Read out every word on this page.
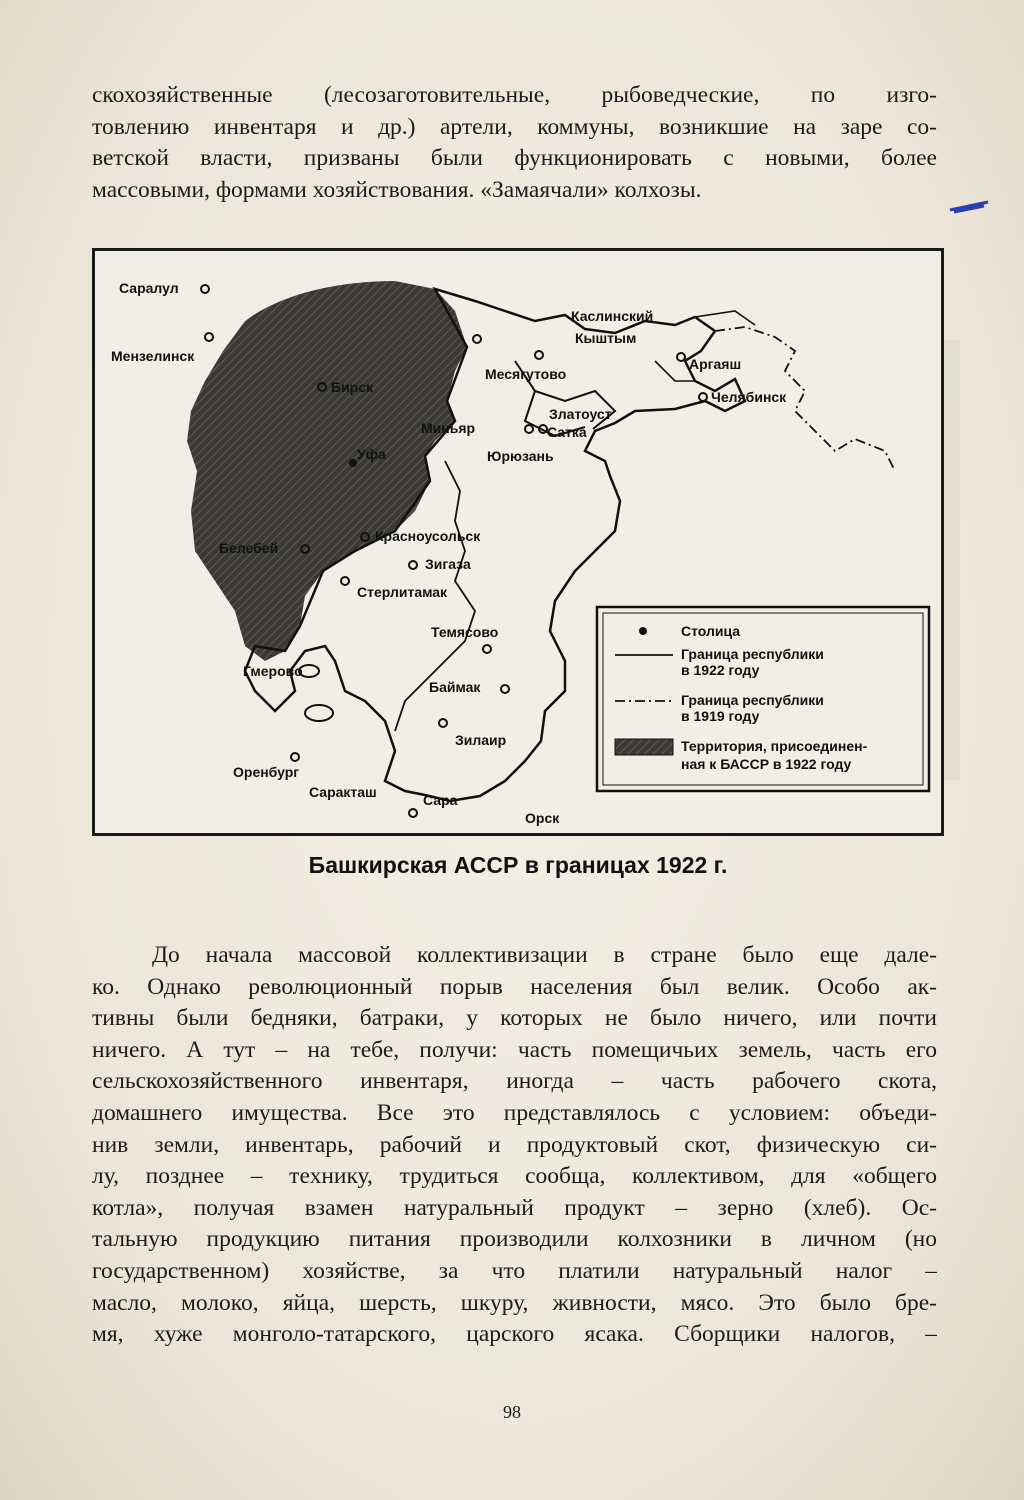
скохозяйственные (лесозаготовительные, рыбоведческие, по изго-
товлению инвентаря и др.) артели, коммуны, возникшие на заре со-
ветской власти, призваны были функционировать с новыми, более
массовыми, формами хозяйствования. «Замаячали» колхозы.
Саралул
Мензелинск
Бирск
Уфа
Белебей
Каслинский
Кыштым
Аргаяш
Месягутово
Челябинск
Миньяр
Златоуст
Сатка
Юрюзань
Красноусольск
Зигаза
Стерлитамак
Темясово
Баймак
Зилаир
Гмерово
Оренбург
Саракташ	Сара
Орск
Столица
Граница республики
в 1922 году
Граница республики
в 1919 году
Территория, присоединен-
ная к БАССР в 1922 году
Башкирская АССР в границах 1922 г.
До начала массовой коллективизации в стране было еще дале-
ко. Однако революционный порыв населения был велик. Особо ак-
тивны были бедняки, батраки, у которых не было ничего, или почти
ничего. А тут – на тебе, получи: часть помещичьих земель, часть его
сельскохозяйственного инвентаря, иногда – часть рабочего скота,
домашнего имущества. Все это представлялось с условием: объеди-
нив земли, инвентарь, рабочий и продуктовый скот, физическую си-
лу, позднее – технику, трудиться сообща, коллективом, для «общего
котла», получая взамен натуральный продукт – зерно (хлеб). Ос-
тальную продукцию питания производили колхозники в личном (но
государственном) хозяйстве, за что платили натуральный налог –
масло, молоко, яйца, шерсть, шкуру, живности, мясо. Это было бре-
мя, хуже монголо-татарского, царского ясака. Сборщики налогов, –
98
